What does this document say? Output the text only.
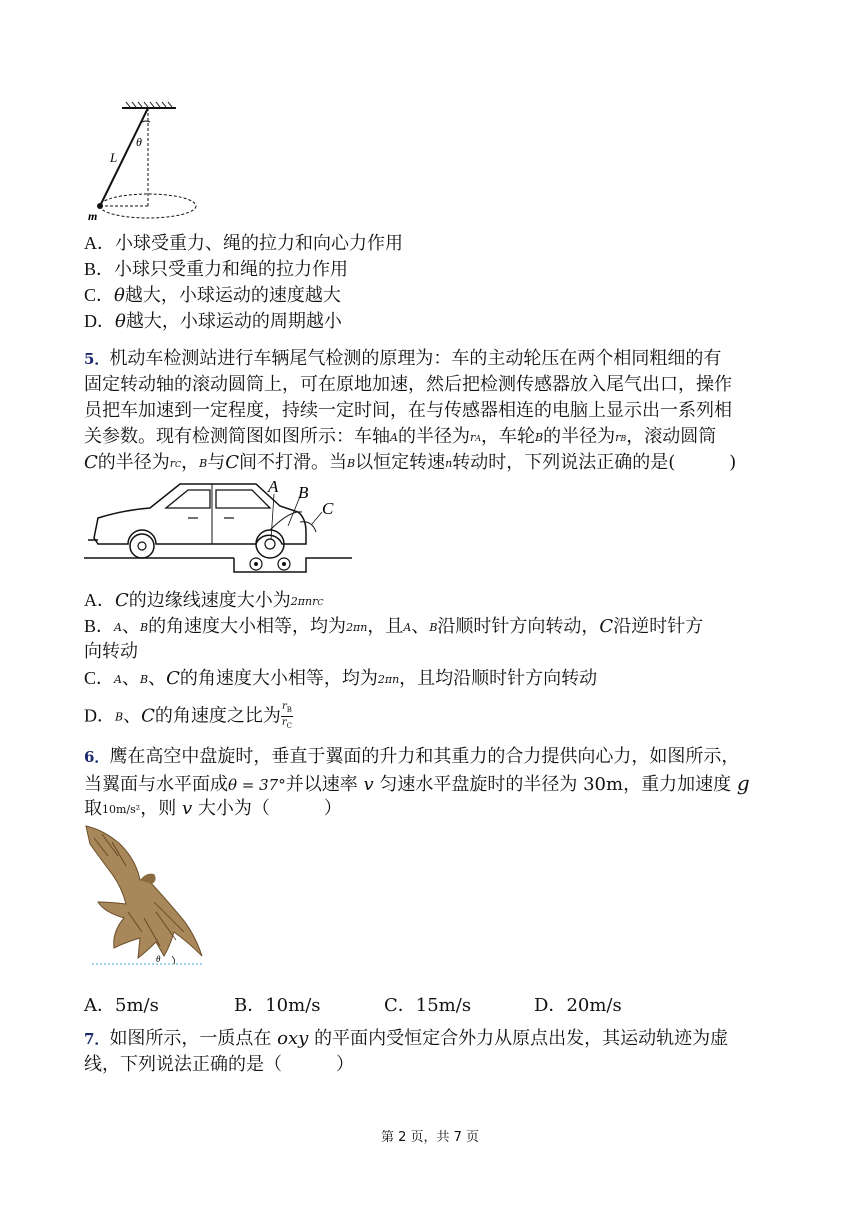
θ
L
m
A．小球受重力、绳的拉力和向心力作用
B．小球只受重力和绳的拉力作用
C．θ越大，小球运动的速度越大
D．θ越大，小球运动的周期越小
5．机动车检测站进行车辆尾气检测的原理为：车的主动轮压在两个相同粗细的有
固定转动轴的滚动圆筒上，可在原地加速，然后把检测传感器放入尾气出口，操作
员把车加速到一定程度，持续一定时间，在与传感器相连的电脑上显示出一系列相
关参数。现有检测简图如图所示：车轴A的半径为$r_A$，车轮B的半径为$r_B$，滚动圆筒
C的半径为$r_C$，B与C间不打滑。当B以恒定转速n转动时，下列说法正确的是(　　　)
A B
C
A．C的边缘线速度大小为2πnr$_C$
B．A、B的角速度大小相等，均为2πn，且A、B沿顺时针方向转动，C沿逆时针方
向转动
C．A、B、C的角速度大小相等，均为2πn，且均沿顺时针方向转动
D．B、C的角速度之比为 $\frac{r_B}{r_C}$
6．鹰在高空中盘旋时，垂直于翼面的升力和其重力的合力提供向心力，如图所示，
当翼面与水平面成θ = 37°并以速率 v 匀速水平盘旋时的半径为 30m，重力加速度 g
取10m/s²，则 v 大小为（　　　）
θ
A．5m/s	B．10m/s	C．15m/s	D．20m/s
7．如图所示，一质点在 oxy 的平面内受恒定合外力从原点出发，其运动轨迹为虚
线，下列说法正确的是（　　　）
第 2 页，共 7 页
